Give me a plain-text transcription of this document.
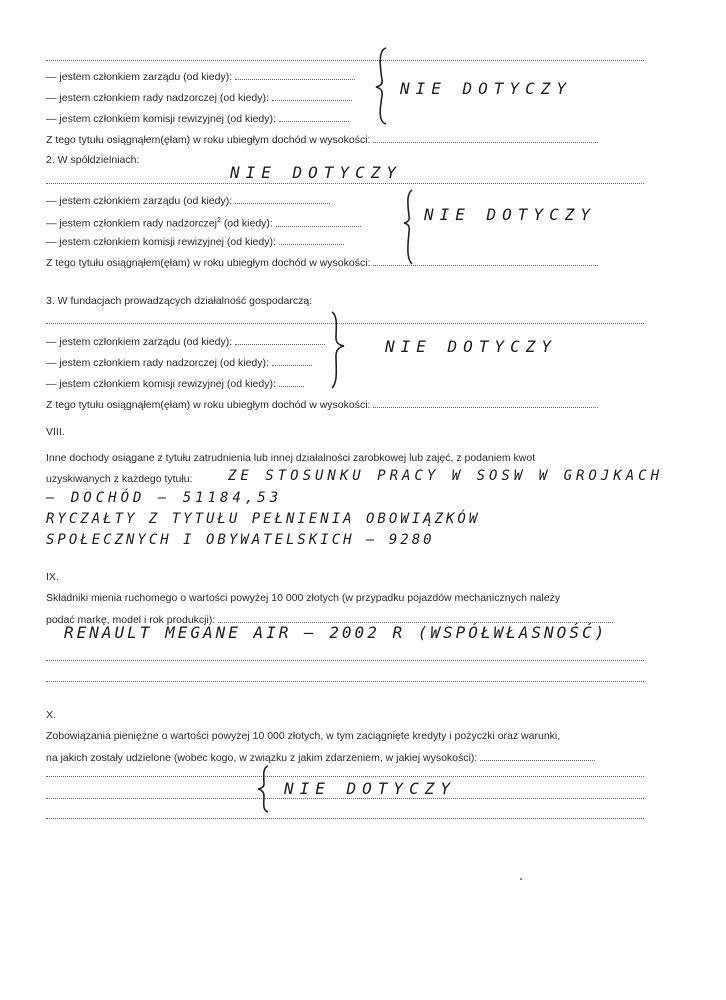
— jestem członkiem zarządu (od kiedy):
— jestem członkiem rady nadzorczej (od kiedy):
— jestem członkiem komisji rewizyjnej (od kiedy):
NIE DOTYCZY
Z tego tytułu osiągnąłem(ęłam) w roku ubiegłym dochód w wysokości:
2. W spółdzielniach:
NIE DOTYCZY
— jestem członkiem zarządu (od kiedy):
— jestem członkiem rady nadzorczej$^2$ (od kiedy):
— jestem członkiem komisji rewizyjnej (od kiedy):
NIE DOTYCZY
Z tego tytułu osiągnąłem(ęłam) w roku ubiegłym dochód w wysokości:
3. W fundacjach prowadzących działalność gospodarczą:
— jestem członkiem zarządu (od kiedy):
— jestem członkiem rady nadzorczej (od kiedy):
— jestem członkiem komisji rewizyjnej (od kiedy):
NIE DOTYCZY
Z tego tytułu osiągnąłem(ęłam) w roku ubiegłym dochód w wysokości:
VIII.
Inne dochody osiągane z tytułu zatrudnienia lub innej działalności zarobkowej lub zajęć, z podaniem kwot
uzyskiwanych z każdego tytułu:	ZE STOSUNKU PRACY W SOSW W GROJKACH
— DOCHÓD — 51184,53
RYCZAŁTY Z TYTUŁU PEŁNIENIA OBOWIĄZKÓW
SPOŁECZNYCH I OBYWATELSKICH — 9280
IX.
Składniki mienia ruchomego o wartości powyżej 10 000 złotych (w przypadku pojazdów mechanicznych należy
podać markę, model i rok produkcji):
RENAULT MEGANE AIR — 2002 R (WSPÓŁWŁASNOŚĆ)
X.
Zobowiązania pieniężne o wartości powyżej 10 000 złotych, w tym zaciągnięte kredyty i pożyczki oraz warunki,
na jakich zostały udzielone (wobec kogo, w związku z jakim zdarzeniem, w jakiej wysokości):
NIE DOTYCZY
